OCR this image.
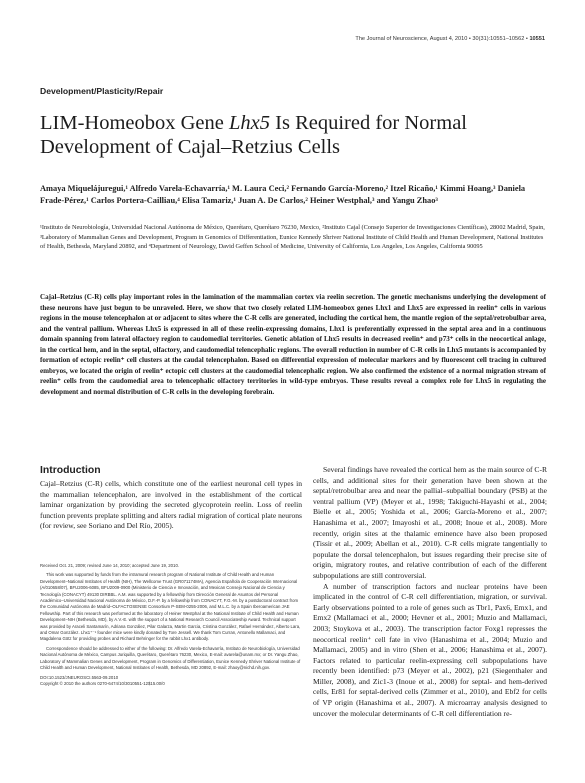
The Journal of Neuroscience, August 4, 2010 • 30(31):10551–10562 • 10551
Development/Plasticity/Repair
LIM-Homeobox Gene Lhx5 Is Required for Normal Development of Cajal–Retzius Cells
Amaya Miquelájuregui,¹ Alfredo Varela-Echavarría,¹ M. Laura Ceci,² Fernando García-Moreno,² Itzel Ricaño,¹ Kimmi Hoang,³ Daniela Frade-Pérez,¹ Carlos Portera-Cailliau,⁴ Elisa Tamariz,¹ Juan A. De Carlos,² Heiner Westphal,³ and Yangu Zhao³
¹Instituto de Neurobiología, Universidad Nacional Autónoma de México, Querétaro, Querétaro 76230, Mexico, ²Instituto Cajal (Consejo Superior de Investigaciones Científicas), 28002 Madrid, Spain, ³Laboratory of Mammalian Genes and Development, Program in Genomics of Differentiation, Eunice Kennedy Shriver National Institute of Child Health and Human Development, National Institutes of Health, Bethesda, Maryland 20892, and ⁴Department of Neurology, David Geffen School of Medicine, University of California, Los Angeles, Los Angeles, California 90095
Cajal–Retzius (C-R) cells play important roles in the lamination of the mammalian cortex via reelin secretion. The genetic mechanisms underlying the development of these neurons have just begun to be unraveled. Here, we show that two closely related LIM-homeobox genes Lhx1 and Lhx5 are expressed in reelin⁺ cells in various regions in the mouse telencephalon at or adjacent to sites where the C-R cells are generated, including the cortical hem, the mantle region of the septal/retrobulbar area, and the ventral pallium. Whereas Lhx5 is expressed in all of these reelin-expressing domains, Lhx1 is preferentially expressed in the septal area and in a continuous domain spanning from lateral olfactory region to caudomedial territories. Genetic ablation of Lhx5 results in decreased reelin⁺ and p73⁺ cells in the neocortical anlage, in the cortical hem, and in the septal, olfactory, and caudomedial telencephalic regions. The overall reduction in number of C-R cells in Lhx5 mutants is accompanied by formation of ectopic reelin⁺ cell clusters at the caudal telencephalon. Based on differential expression of molecular markers and by fluorescent cell tracing in cultured embryos, we located the origin of reelin⁺ ectopic cell clusters at the caudomedial telencephalic region. We also confirmed the existence of a normal migration stream of reelin⁺ cells from the caudomedial area to telencephalic olfactory territories in wild-type embryos. These results reveal a complex role for Lhx5 in regulating the development and normal distribution of C-R cells in the developing forebrain.
Introduction

Cajal–Retzius (C-R) cells, which constitute one of the earliest neuronal cell types in the mammalian telencephalon, are involved in the establishment of the cortical laminar organization by providing the secreted glycoprotein reelin. Loss of reelin function prevents preplate splitting and alters radial migration of cortical plate neurons (for review, see Soriano and Del Río, 2005).

Received Oct. 21, 2009; revised June 14, 2010; accepted June 19, 2010.

This work was supported by funds from the intramural research program of National Institute of Child Health and Human Development–National Institutes of Health (NIH), The Wellcome Trust (GR071174MA), Agencia Española de Cooperación Internacional (A/010658/07), BFU2006-6085, BFU2009-0900 (Ministerio de Ciencia e Innovación, and Mexican Consejo Nacional de Ciencia y Tecnología (CONACYT) 49130 DIRBBL. A.M. was supported by a fellowship from Dirección General de Asuntos del Personal Académico–Universidad Nacional Autónoma de México, D.F.-P. by a fellowship from CONACYT, F.G.-M. by a postdoctoral contract from the Comunidad Autónoma de Madrid–OLFACTOSENSE Consortium P-SEM-0255-2006, and M.L.C. by a Spain Iberoamerican JAE Fellowship. Part of this research was performed at the laboratory of Heiner Westphal at the National Institute of Child Health and Human Development–NIH (Bethesda, MD), by A.V.-E. with the support of a National Research Council Associateship Award. Technical support was provided by Araceli Santamarín, Adriana González, Pilar Galarza, Martin Garcia, Cristina González, Rafael Hernández, Alberto Lara, and Omar González. Lhx1⁺⁻¹ founder mice were kindly donated by Tore Jessell. We thank Tom Curran, Antonello Mallamaci, and Magdalena Götz for providing probes and Richard Behringer for the rabbit Lhx1 antibody.

Correspondence should be addressed to either of the following: Dr. Alfredo Varela-Echavarría, Instituto de Neurobiología, Universidad Nacional Autónoma de México, Campus Juriquilla, Querétaro, Querétaro 76230, Mexico, E-mail: avarela@unam.mx; or Dr. Yangu Zhao, Laboratory of Mammalian Genes and Development, Program in Genomics of Differentiation, Eunice Kennedy Shriver National Institute of Child Health and Human Development, National Institutes of Health, Bethesda, MD 20892, E-mail: zhaoy@nichd.nih.gov.

DOI:10.1523/JNEUROSCI.5563-09.2010

Copyright © 2010 the authors 0270-6474/10/3010551-12$15.00/0

Several findings have revealed the cortical hem as the main source of C-R cells, and additional sites for their generation have been shown at the septal/retrobulbar area and near the pallial–subpallial boundary (PSB) at the ventral pallium (VP) (Meyer et al., 1998; Takiguchi-Hayashi et al., 2004; Bielle et al., 2005; Yoshida et al., 2006; García-Moreno et al., 2007; Hanashima et al., 2007; Imayoshi et al., 2008; Inoue et al., 2008). More recently, origin sites at the thalamic eminence have also been proposed (Tissir et al., 2009; Abellan et al., 2010). C-R cells migrate tangentially to populate the dorsal telencephalon, but issues regarding their precise site of origin, migratory routes, and relative contribution of each of the different subpopulations are still controversial.

A number of transcription factors and nuclear proteins have been implicated in the control of C-R cell differentiation, migration, or survival. Early observations pointed to a role of genes such as Tbr1, Pax6, Emx1, and Emx2 (Mallamaci et al., 2000; Hevner et al., 2001; Muzio and Mallamaci, 2003; Stoykova et al., 2003). The transcription factor Foxg1 represses the neocortical reelin⁺ cell fate in vivo (Hanashima et al., 2004; Muzio and Mallamaci, 2005) and in vitro (Shen et al., 2006; Hanashima et al., 2007). Factors related to particular reelin-expressing cell subpopulations have recently been identified: p73 (Meyer et al., 2002), p21 (Siegenthaler and Miller, 2008), and Zic1-3 (Inoue et al., 2008) for septal- and hem-derived cells, Er81 for septal-derived cells (Zimmer et al., 2010), and Ebf2 for cells of VP origin (Hanashima et al., 2007). A microarray analysis designed to uncover the molecular determinants of C-R cell differentiation re-
